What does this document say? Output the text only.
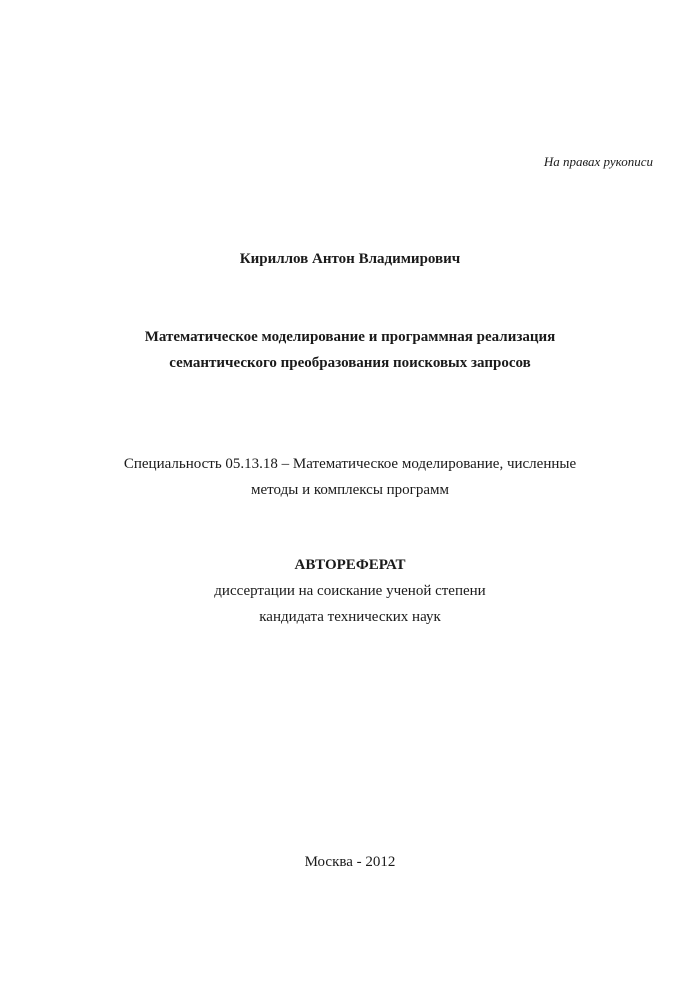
На правах рукописи
Кириллов Антон Владимирович
Математическое моделирование и программная реализация
семантического преобразования поисковых запросов
Специальность 05.13.18 – Математическое моделирование, численные
методы и комплексы программ
АВТОРЕФЕРАТ
диссертации на соискание ученой степени
кандидата технических наук
Москва - 2012
